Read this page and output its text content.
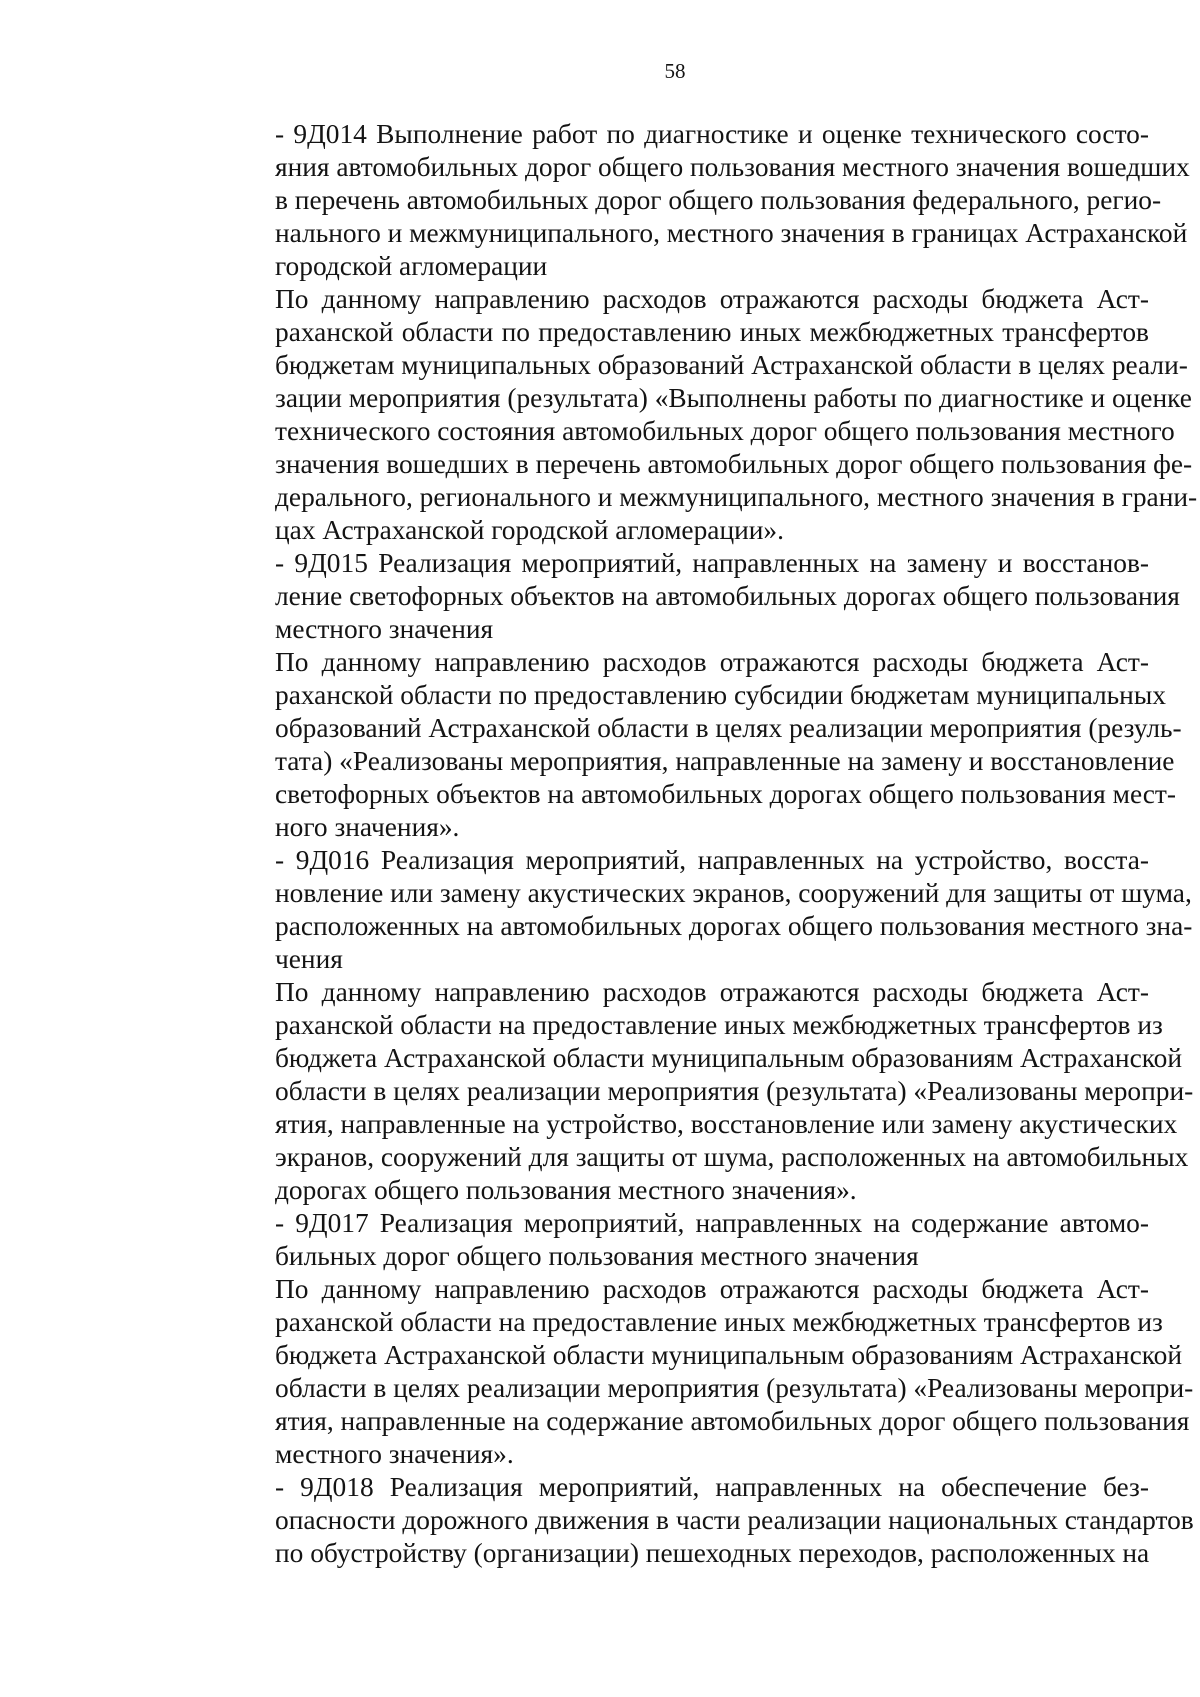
58

- 9Д014 Выполнение работ по диагностике и оценке технического состо-
яния автомобильных дорог общего пользования местного значения вошедших
в перечень автомобильных дорог общего пользования федерального, регио-
нального и межмуниципального, местного значения в границах Астраханской
городской агломерации

По данному направлению расходов отражаются расходы бюджета Аст-
раханской области по предоставлению иных межбюджетных трансфертов
бюджетам муниципальных образований Астраханской области в целях реали-
зации мероприятия (результата) «Выполнены работы по диагностике и оценке
технического состояния автомобильных дорог общего пользования местного
значения вошедших в перечень автомобильных дорог общего пользования фе-
дерального, регионального и межмуниципального, местного значения в грани-
цах Астраханской городской агломерации».

- 9Д015 Реализация мероприятий, направленных на замену и восстанов-
ление светофорных объектов на автомобильных дорогах общего пользования
местного значения

По данному направлению расходов отражаются расходы бюджета Аст-
раханской области по предоставлению субсидии бюджетам муниципальных
образований Астраханской области в целях реализации мероприятия (резуль-
тата) «Реализованы мероприятия, направленные на замену и восстановление
светофорных объектов на автомобильных дорогах общего пользования мест-
ного значения».

- 9Д016 Реализация мероприятий, направленных на устройство, восста-
новление или замену акустических экранов, сооружений для защиты от шума,
расположенных на автомобильных дорогах общего пользования местного зна-
чения

По данному направлению расходов отражаются расходы бюджета Аст-
раханской области на предоставление иных межбюджетных трансфертов из
бюджета Астраханской области муниципальным образованиям Астраханской
области в целях реализации мероприятия (результата) «Реализованы меропри-
ятия, направленные на устройство, восстановление или замену акустических
экранов, сооружений для защиты от шума, расположенных на автомобильных
дорогах общего пользования местного значения».

- 9Д017 Реализация мероприятий, направленных на содержание автомо-
бильных дорог общего пользования местного значения

По данному направлению расходов отражаются расходы бюджета Аст-
раханской области на предоставление иных межбюджетных трансфертов из
бюджета Астраханской области муниципальным образованиям Астраханской
области в целях реализации мероприятия (результата) «Реализованы меропри-
ятия, направленные на содержание автомобильных дорог общего пользования
местного значения».

- 9Д018 Реализация мероприятий, направленных на обеспечение без-
опасности дорожного движения в части реализации национальных стандартов
по обустройству (организации) пешеходных переходов, расположенных на
